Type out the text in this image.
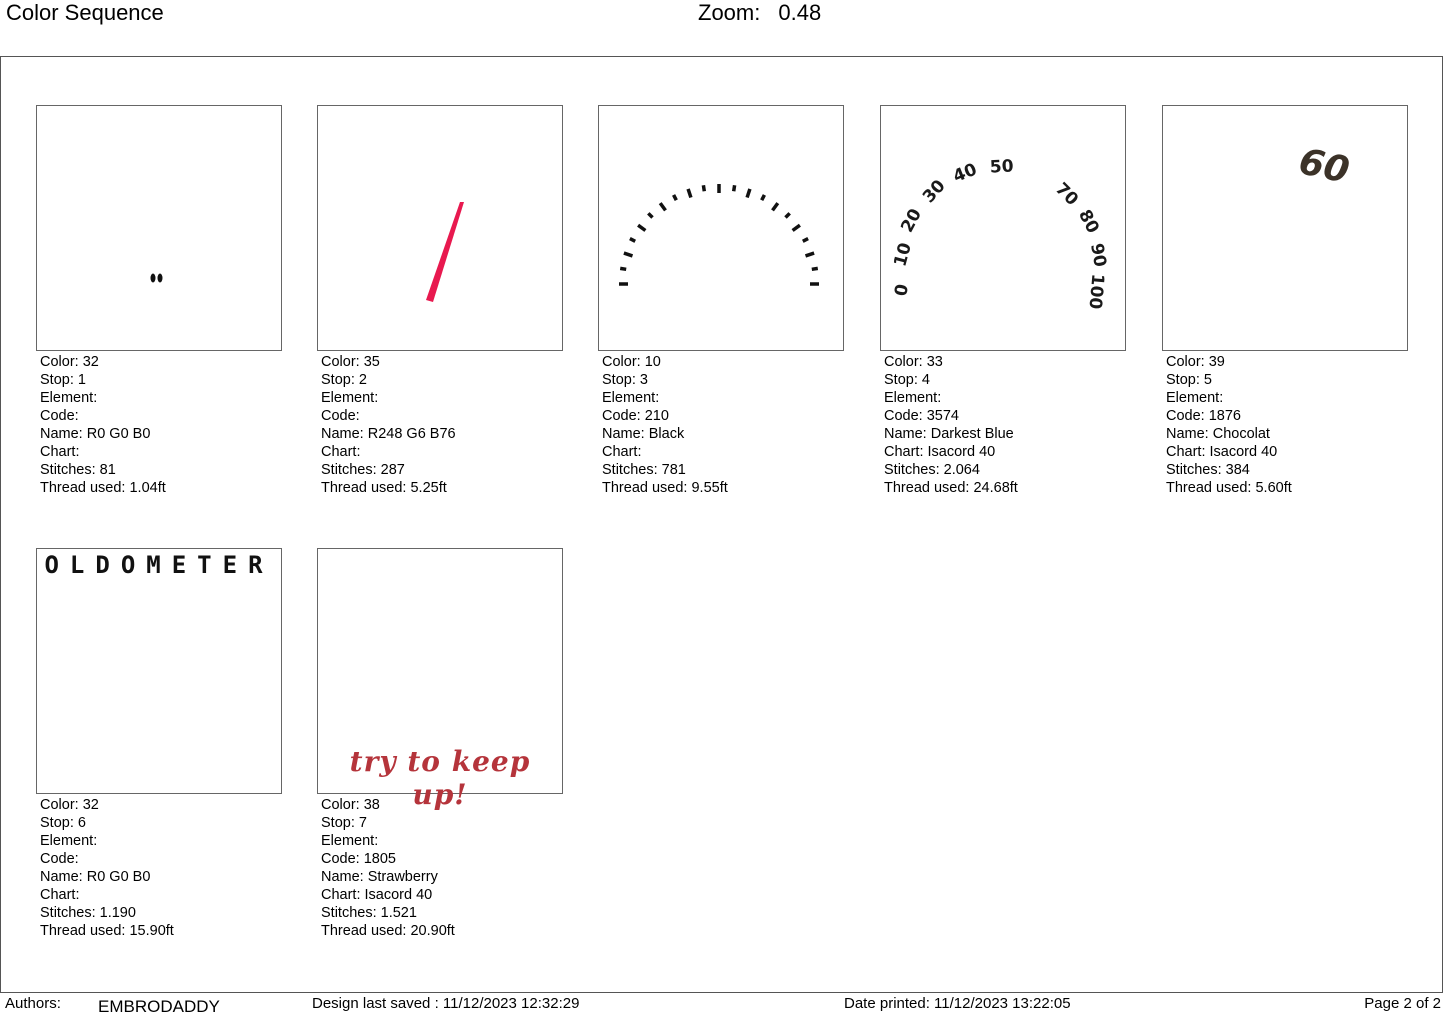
Color Sequence	Zoom: 0.48
Color: 32
Stop: 1
Element:
Code:
Name: R0 G0 B0
Chart:
Stitches: 81
Thread used: 1.04ft
Color: 35
Stop: 2
Element:
Code:
Name: R248 G6 B76
Chart:
Stitches: 287
Thread used: 5.25ft
Color: 10
Stop: 3
Element:
Code: 210
Name: Black
Chart:
Stitches: 781
Thread used: 9.55ft
0
10
20
30
40 50
70
80
90
100
Color: 33
Stop: 4
Element:
Code: 3574
Name: Darkest Blue
Chart: Isacord 40
Stitches: 2.064
Thread used: 24.68ft
60
Color: 39
Stop: 5
Element:
Code: 1876
Name: Chocolat
Chart: Isacord 40
Stitches: 384
Thread used: 5.60ft
OLDOMETER
Color: 32
Stop: 6
Element:
Code:
Name: R0 G0 B0
Chart:
Stitches: 1.190
Thread used: 15.90ft
try to keep up!
Color: 38
Stop: 7
Element:
Code: 1805
Name: Strawberry
Chart: Isacord 40
Stitches: 1.521
Thread used: 20.90ft
Authors: EMBRODADDY	Design last saved : 11/12/2023 12:32:29	Date printed: 11/12/2023 13:22:05	Page 2 of 2
